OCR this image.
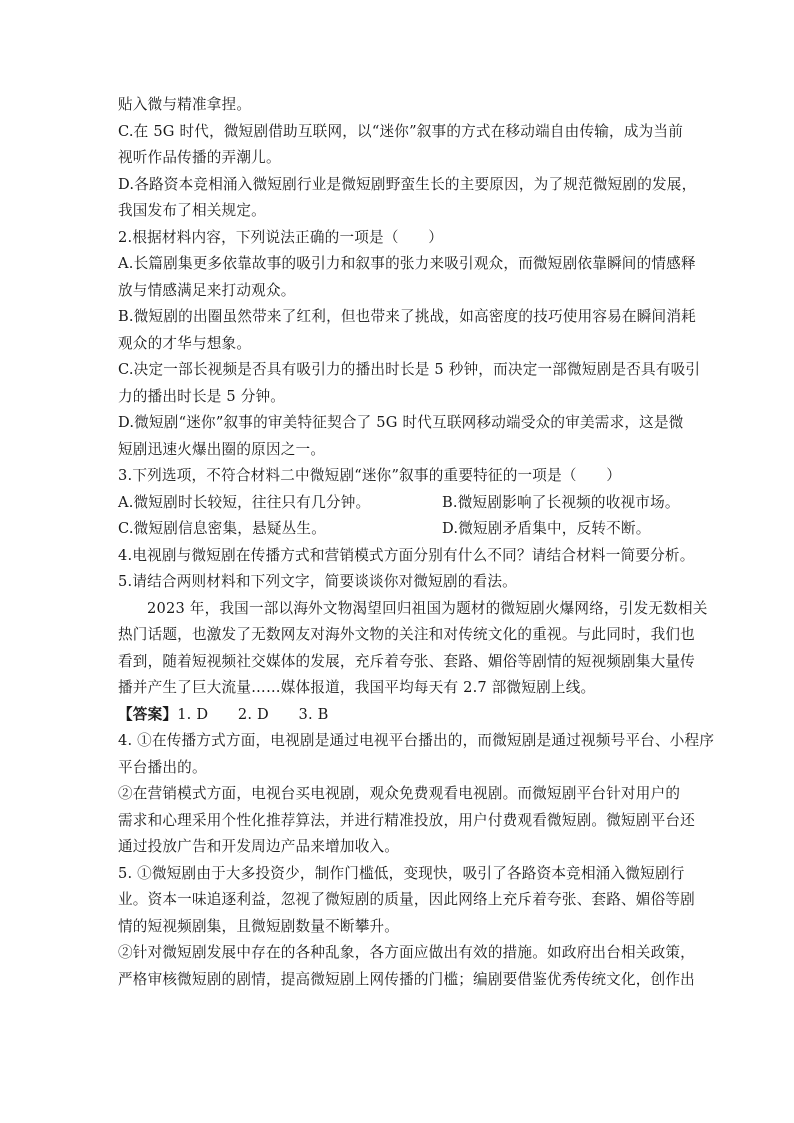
贴入微与精准拿捏。
C.在 5G 时代，微短剧借助互联网，以“迷你”叙事的方式在移动端自由传输，成为当前
视听作品传播的弄潮儿。
D.各路资本竞相涌入微短剧行业是微短剧野蛮生长的主要原因，为了规范微短剧的发展，
我国发布了相关规定。
2.根据材料内容，下列说法正确的一项是（　　）
A.长篇剧集更多依靠故事的吸引力和叙事的张力来吸引观众，而微短剧依靠瞬间的情感释
放与情感满足来打动观众。
B.微短剧的出圈虽然带来了红利，但也带来了挑战，如高密度的技巧使用容易在瞬间消耗
观众的才华与想象。
C.决定一部长视频是否具有吸引力的播出时长是 5 秒钟，而决定一部微短剧是否具有吸引
力的播出时长是 5 分钟。
D.微短剧“迷你”叙事的审美特征契合了 5G 时代互联网移动端受众的审美需求，这是微
短剧迅速火爆出圈的原因之一。
3.下列选项，不符合材料二中微短剧“迷你”叙事的重要特征的一项是（　　）
A.微短剧时长较短，往往只有几分钟。	B.微短剧影响了长视频的收视市场。
C.微短剧信息密集，悬疑丛生。	D.微短剧矛盾集中，反转不断。
4.电视剧与微短剧在传播方式和营销模式方面分别有什么不同？请结合材料一简要分析。
5.请结合两则材料和下列文字，简要谈谈你对微短剧的看法。
2023 年，我国一部以海外文物渴望回归祖国为题材的微短剧火爆网络，引发无数相关
热门话题，也激发了无数网友对海外文物的关注和对传统文化的重视。与此同时，我们也
看到，随着短视频社交媒体的发展，充斥着夸张、套路、媚俗等剧情的短视频剧集大量传
播并产生了巨大流量……媒体报道，我国平均每天有 2.7 部微短剧上线。
【答案】1. D　　2. D　　3. B
4. ①在传播方式方面，电视剧是通过电视平台播出的，而微短剧是通过视频号平台、小程序
平台播出的。
②在营销模式方面，电视台买电视剧，观众免费观看电视剧。而微短剧平台针对用户的
需求和心理采用个性化推荐算法，并进行精准投放，用户付费观看微短剧。微短剧平台还
通过投放广告和开发周边产品来增加收入。
5. ①微短剧由于大多投资少，制作门槛低，变现快，吸引了各路资本竞相涌入微短剧行
业。资本一味追逐利益，忽视了微短剧的质量，因此网络上充斥着夸张、套路、媚俗等剧
情的短视频剧集，且微短剧数量不断攀升。
②针对微短剧发展中存在的各种乱象，各方面应做出有效的措施。如政府出台相关政策，
严格审核微短剧的剧情，提高微短剧上网传播的门槛；编剧要借鉴优秀传统文化，创作出
